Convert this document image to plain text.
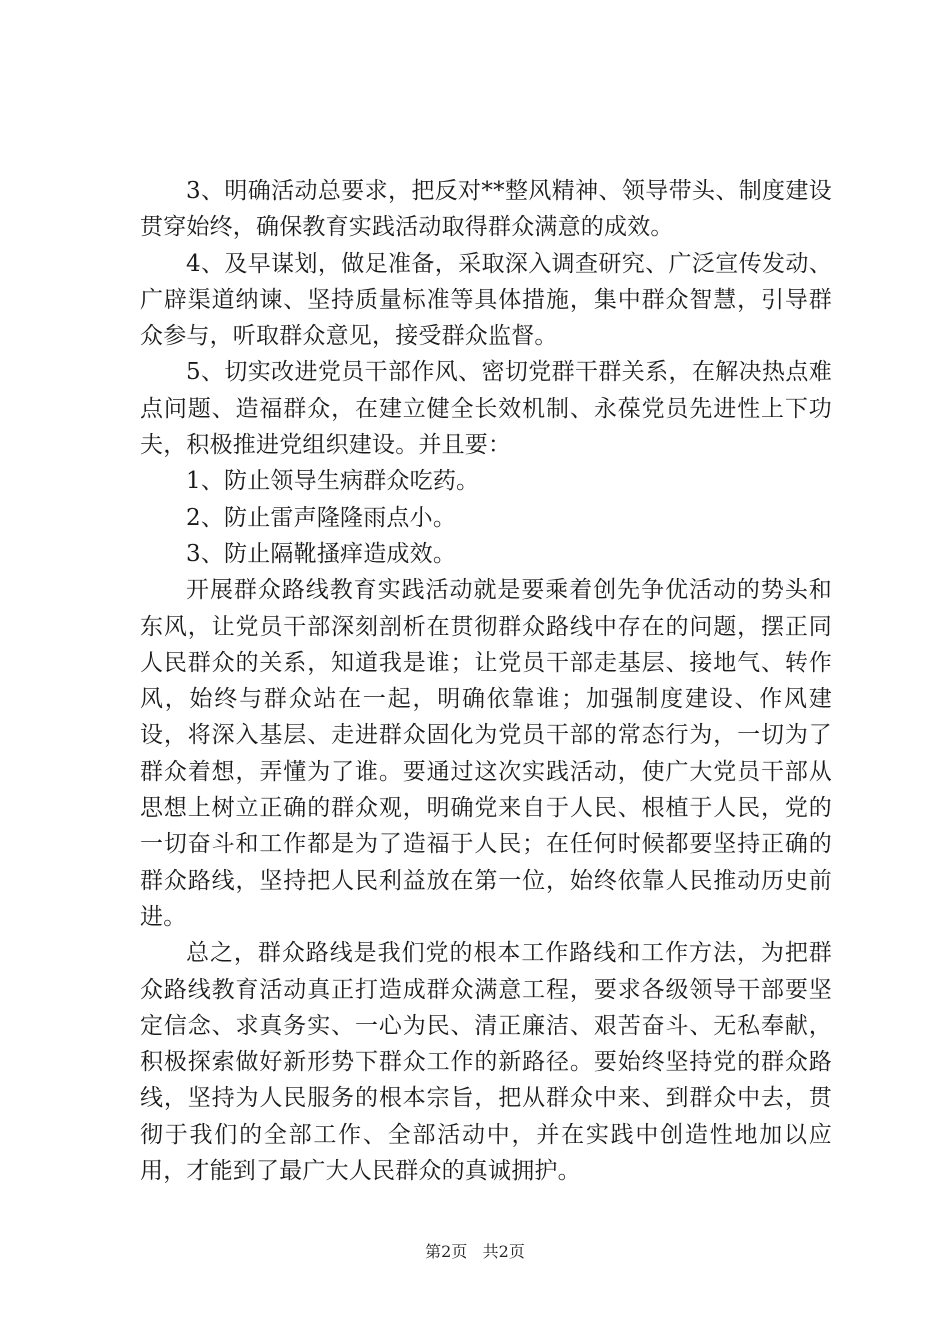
3、明确活动总要求，把反对**整风精神、领导带头、制度建设贯穿始终，确保教育实践活动取得群众满意的成效。

4、及早谋划，做足准备，采取深入调查研究、广泛宣传发动、广辟渠道纳谏、坚持质量标准等具体措施，集中群众智慧，引导群众参与，听取群众意见，接受群众监督。

5、切实改进党员干部作风、密切党群干群关系，在解决热点难点问题、造福群众，在建立健全长效机制、永葆党员先进性上下功夫，积极推进党组织建设。并且要：

1、防止领导生病群众吃药。

2、防止雷声隆隆雨点小。

3、防止隔靴搔痒造成效。

开展群众路线教育实践活动就是要乘着创先争优活动的势头和东风，让党员干部深刻剖析在贯彻群众路线中存在的问题，摆正同人民群众的关系，知道我是谁；让党员干部走基层、接地气、转作风，始终与群众站在一起，明确依靠谁；加强制度建设、作风建设，将深入基层、走进群众固化为党员干部的常态行为，一切为了群众着想，弄懂为了谁。要通过这次实践活动，使广大党员干部从思想上树立正确的群众观，明确党来自于人民、根植于人民，党的一切奋斗和工作都是为了造福于人民；在任何时候都要坚持正确的群众路线，坚持把人民利益放在第一位，始终依靠人民推动历史前进。

总之，群众路线是我们党的根本工作路线和工作方法，为把群众路线教育活动真正打造成群众满意工程，要求各级领导干部要坚定信念、求真务实、一心为民、清正廉洁、艰苦奋斗、无私奉献，积极探索做好新形势下群众工作的新路径。要始终坚持党的群众路线，坚持为人民服务的根本宗旨，把从群众中来、到群众中去，贯彻于我们的全部工作、全部活动中，并在实践中创造性地加以应用，才能到了最广大人民群众的真诚拥护。

第2页 共2页
